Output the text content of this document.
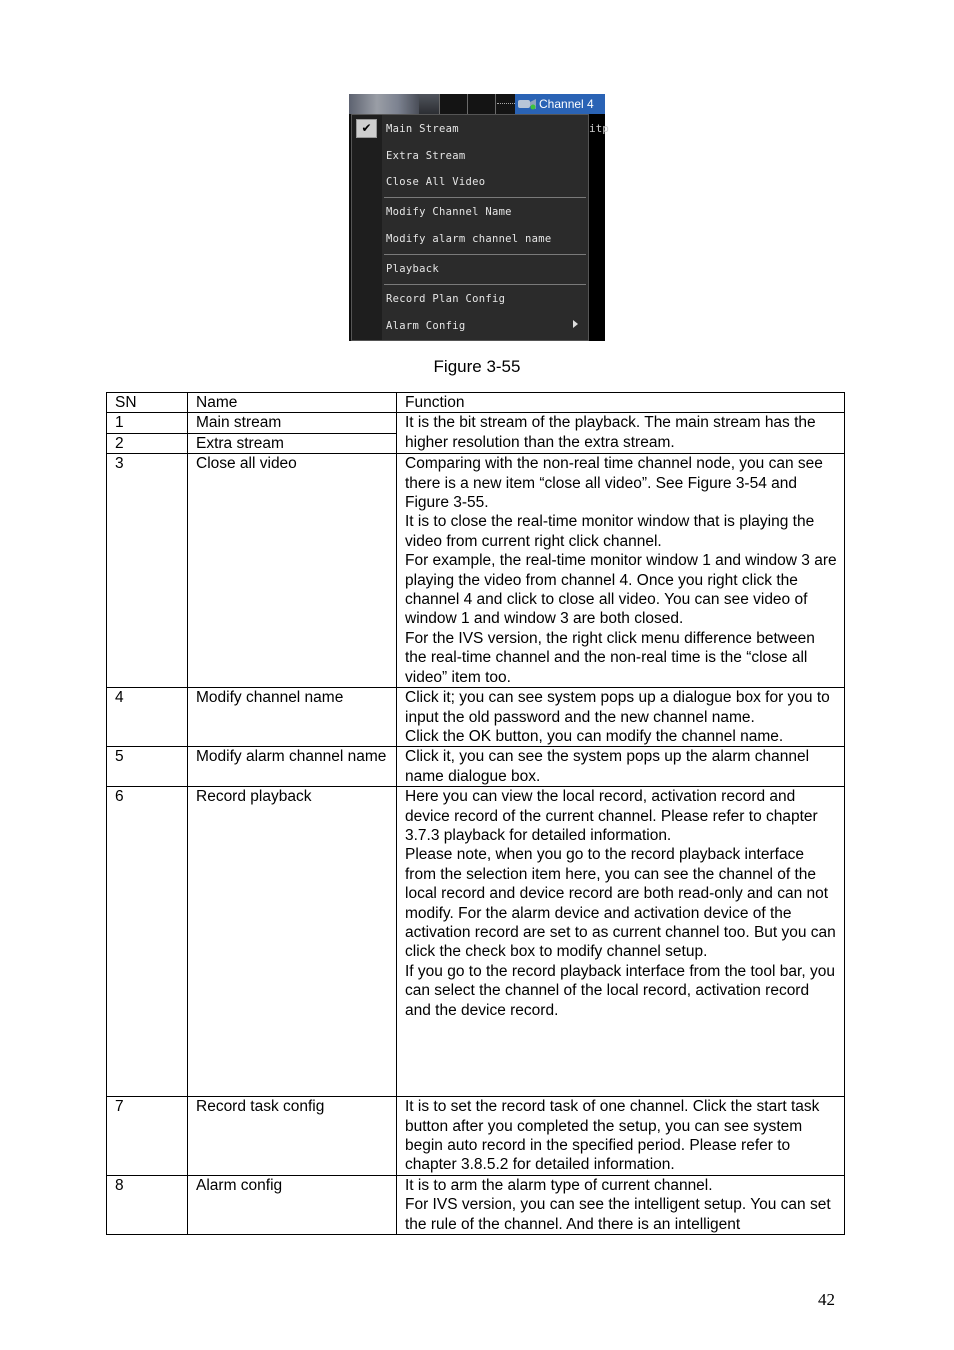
Channel 4
itp
✔	Main Stream
Extra Stream
Close All Video
Modify Channel Name
Modify alarm channel name
Playback
Record Plan Config
Alarm Config
Figure 3-55
SN	Name	Function
1	Main stream	It is the bit stream of the playback. The main stream has the higher resolution than the extra stream.

2	Extra stream	
3	Close all video	Comparing with the non-real time channel node, you can see there is a new item “close all video”. See Figure 3-54 and Figure 3-55.
It is to close the real-time monitor window that is playing the video from current right click channel.
For example, the real-time monitor window 1 and window 3 are playing the video from channel 4. Once you right click the channel 4 and click to close all video. You can see video of window 1 and window 3 are both closed.
For the IVS version, the right click menu difference between the real-time channel and the non-real time is the “close all video” item too.

4	Modify channel name	Click it; you can see system pops up a dialogue box for you to input the old password and the new channel name.
Click the OK button, you can modify the channel name.

5	Modify alarm channel name	Click it, you can see the system pops up the alarm channel name dialogue box.

6	Record playback	Here you can view the local record, activation record and device record of the current channel. Please refer to chapter 3.7.3 playback for detailed information.
Please note, when you go to the record playback interface from the selection item here, you can see the channel of the local record and device record are both read-only and can not modify. For the alarm device and activation device of the activation record are set to as current channel too. But you can click the check box to modify channel setup.
If you go to the record playback interface from the tool bar, you can select the channel of the local record, activation record and the device record.

7	Record task config	It is to set the record task of one channel. Click the start task button after you completed the setup, you can see system begin auto record in the specified period. Please refer to chapter 3.8.5.2 for detailed information.

8	Alarm config	It is to arm the alarm type of current channel.
For IVS version, you can see the intelligent setup. You can set the rule of the channel. And there is an intelligent
42
